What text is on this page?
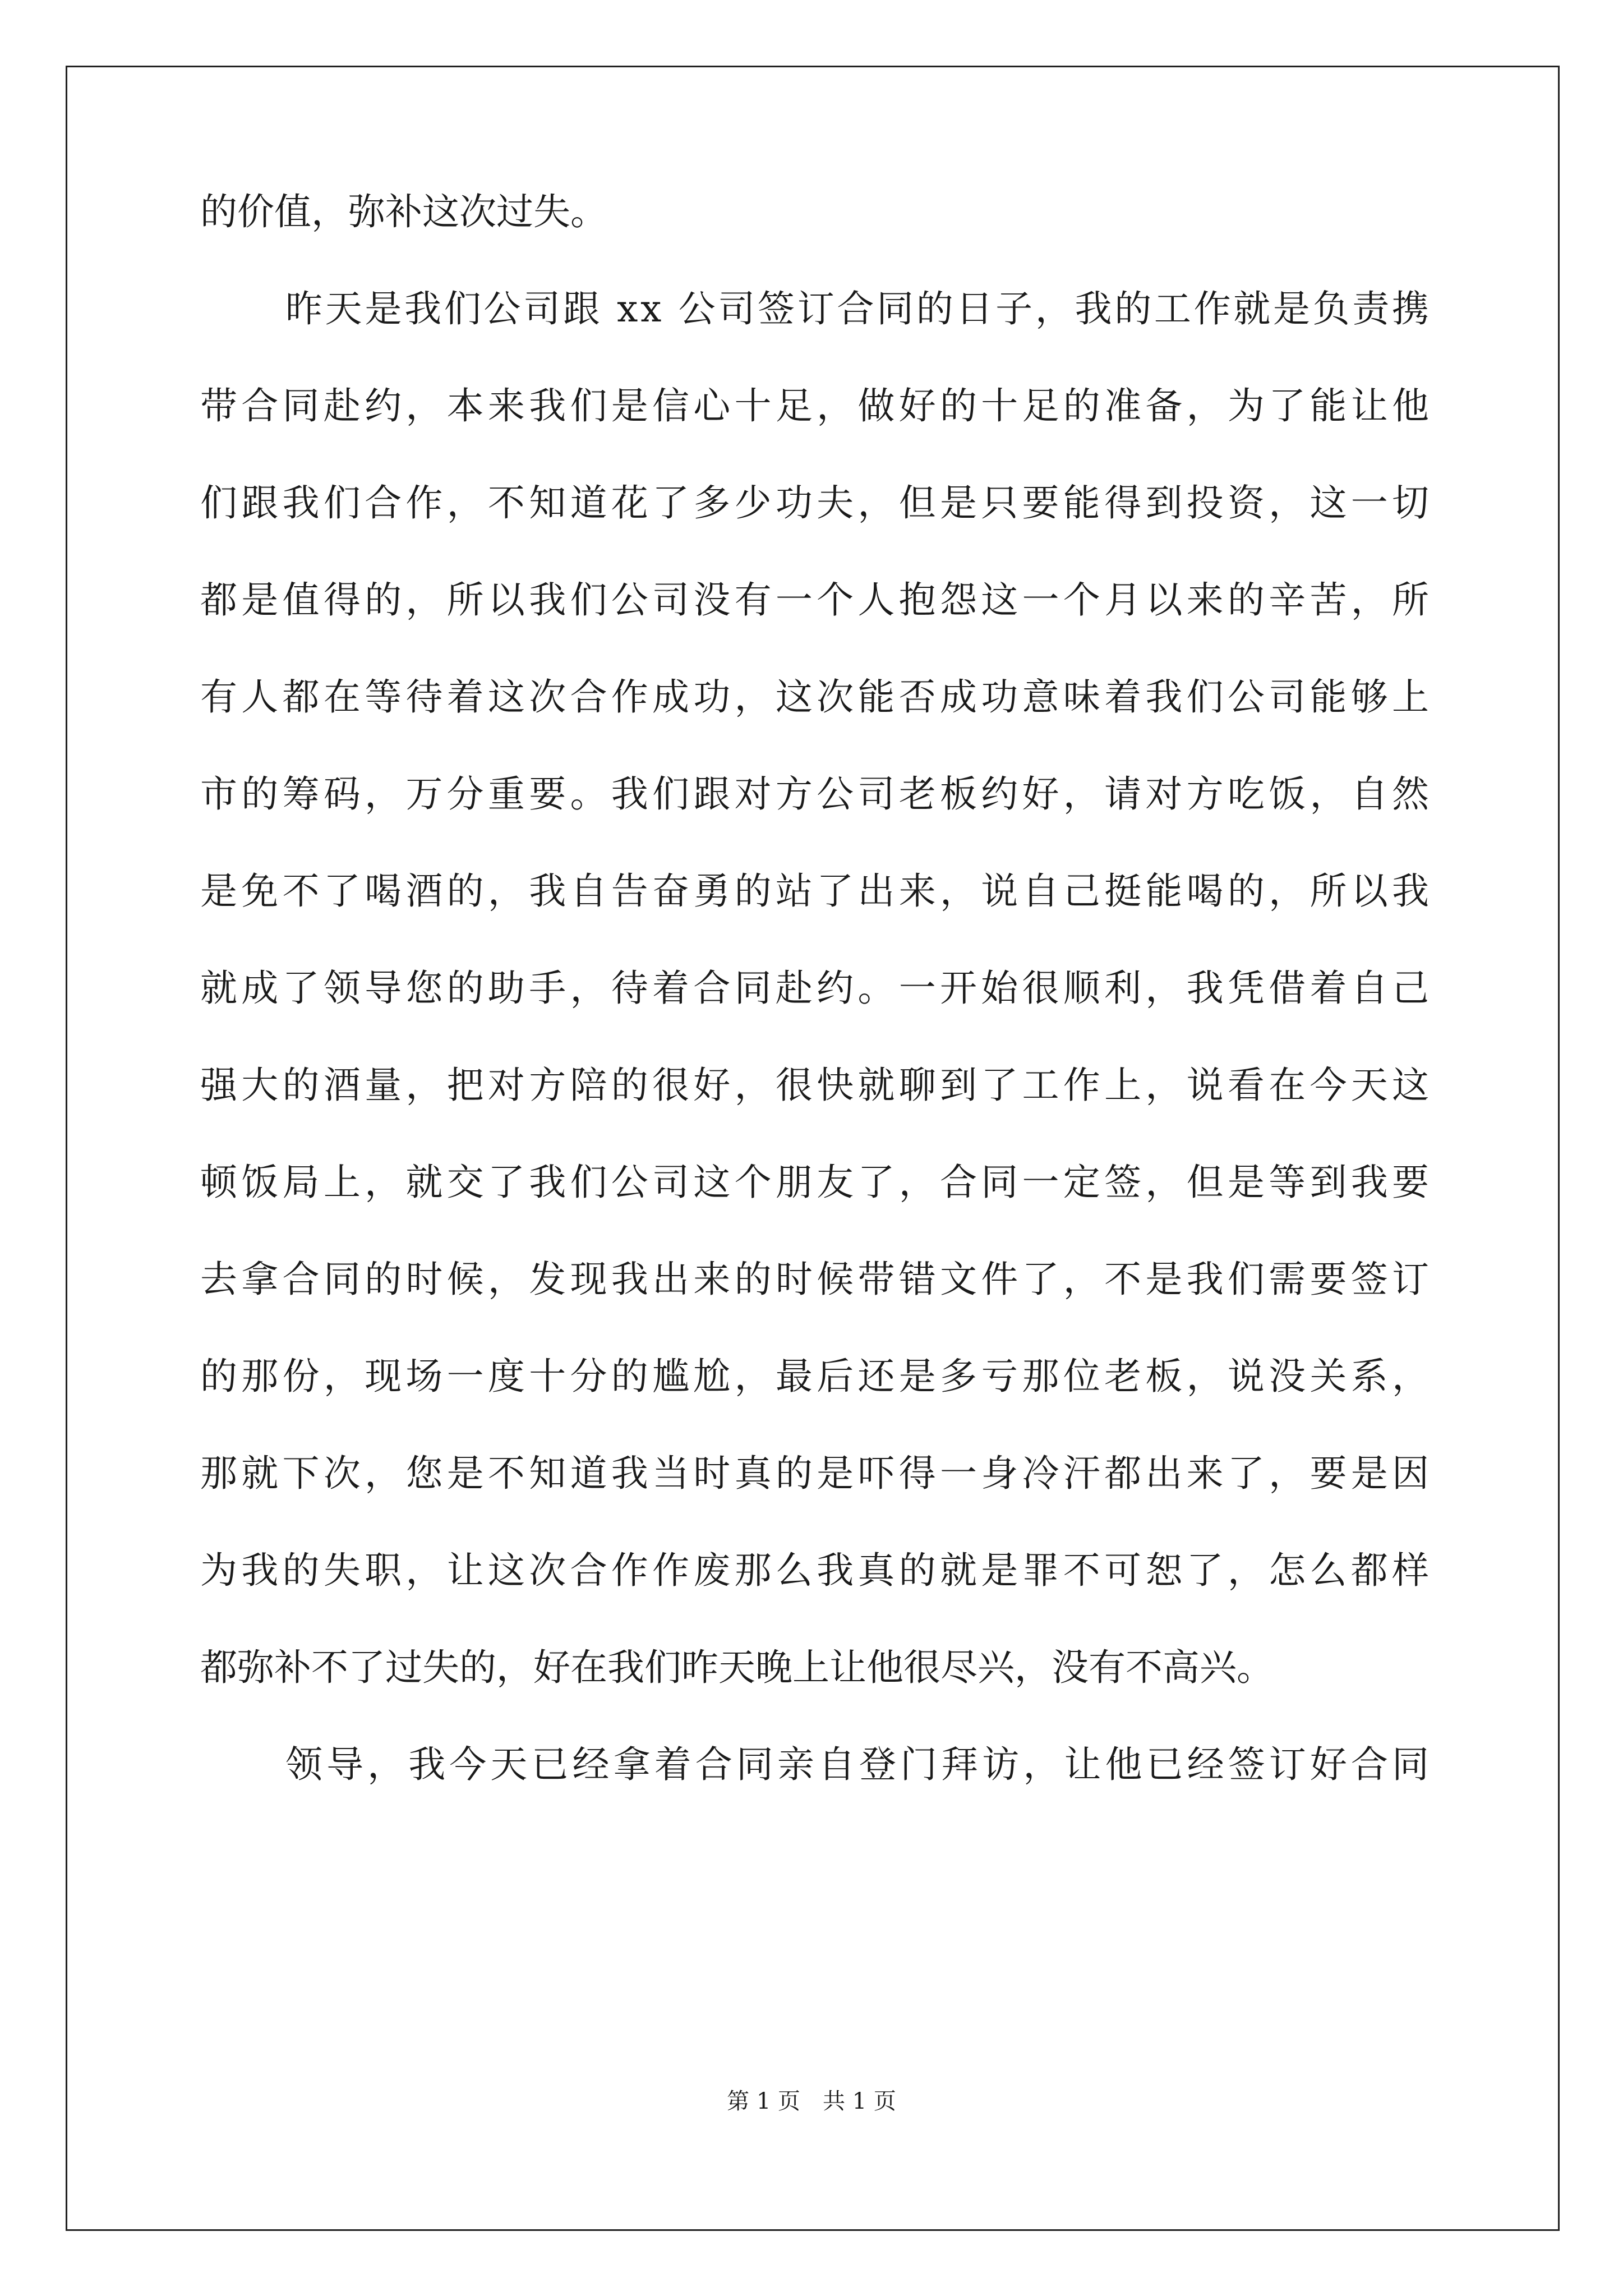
的价值，弥补这次过失。
昨天是我们公司跟 xx 公司签订合同的日子，我的工作就是负责携
带合同赴约，本来我们是信心十足，做好的十足的准备，为了能让他
们跟我们合作，不知道花了多少功夫，但是只要能得到投资，这一切
都是值得的，所以我们公司没有一个人抱怨这一个月以来的辛苦，所
有人都在等待着这次合作成功，这次能否成功意味着我们公司能够上
市的筹码，万分重要。我们跟对方公司老板约好，请对方吃饭，自然
是免不了喝酒的，我自告奋勇的站了出来，说自己挺能喝的，所以我
就成了领导您的助手，待着合同赴约。一开始很顺利，我凭借着自己
强大的酒量，把对方陪的很好，很快就聊到了工作上，说看在今天这
顿饭局上，就交了我们公司这个朋友了，合同一定签，但是等到我要
去拿合同的时候，发现我出来的时候带错文件了，不是我们需要签订
的那份，现场一度十分的尴尬，最后还是多亏那位老板，说没关系，
那就下次，您是不知道我当时真的是吓得一身冷汗都出来了，要是因
为我的失职，让这次合作作废那么我真的就是罪不可恕了，怎么都样
都弥补不了过失的，好在我们昨天晚上让他很尽兴，没有不高兴。
领导，我今天已经拿着合同亲自登门拜访，让他已经签订好合同
第 1 页　共 1 页
